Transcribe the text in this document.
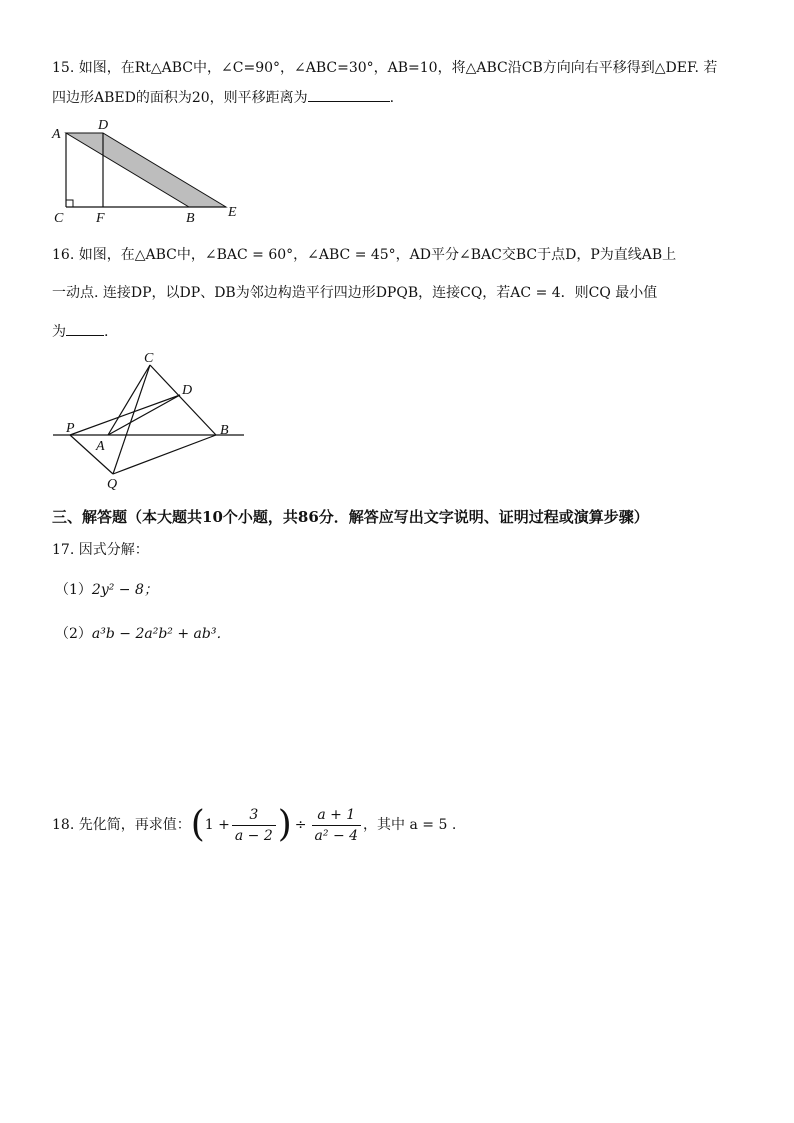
15. 如图，在Rt△ABC中，∠C=90°，∠ABC=30°，AB=10，将△ABC沿CB方向向右平移得到△DEF. 若
四边形ABED的面积为20，则平移距离为	.
A
D
C F	B E
16. 如图，在△ABC中，∠BAC = 60°，∠ABC = 45°，AD平分∠BAC交BC于点D，P为直线AB上
一动点. 连接DP，以DP、DB为邻边构造平行四边形DPQB，连接CQ，若AC = 4．则CQ 最小值
为	.
C
D
P
A
B
Q
三、解答题（本大题共10个小题，共86分．解答应写出文字说明、证明过程或演算步骤）
17. 因式分解：
（1）2y² − 8；
（2）a³b − 2a²b² + ab³．
18. 先化简，再求值：($1 + \frac{3}{a - 2}$ ) ÷ $\frac{a + 1}{\text{a² − 4}}$ ，其中 a = 5 .
